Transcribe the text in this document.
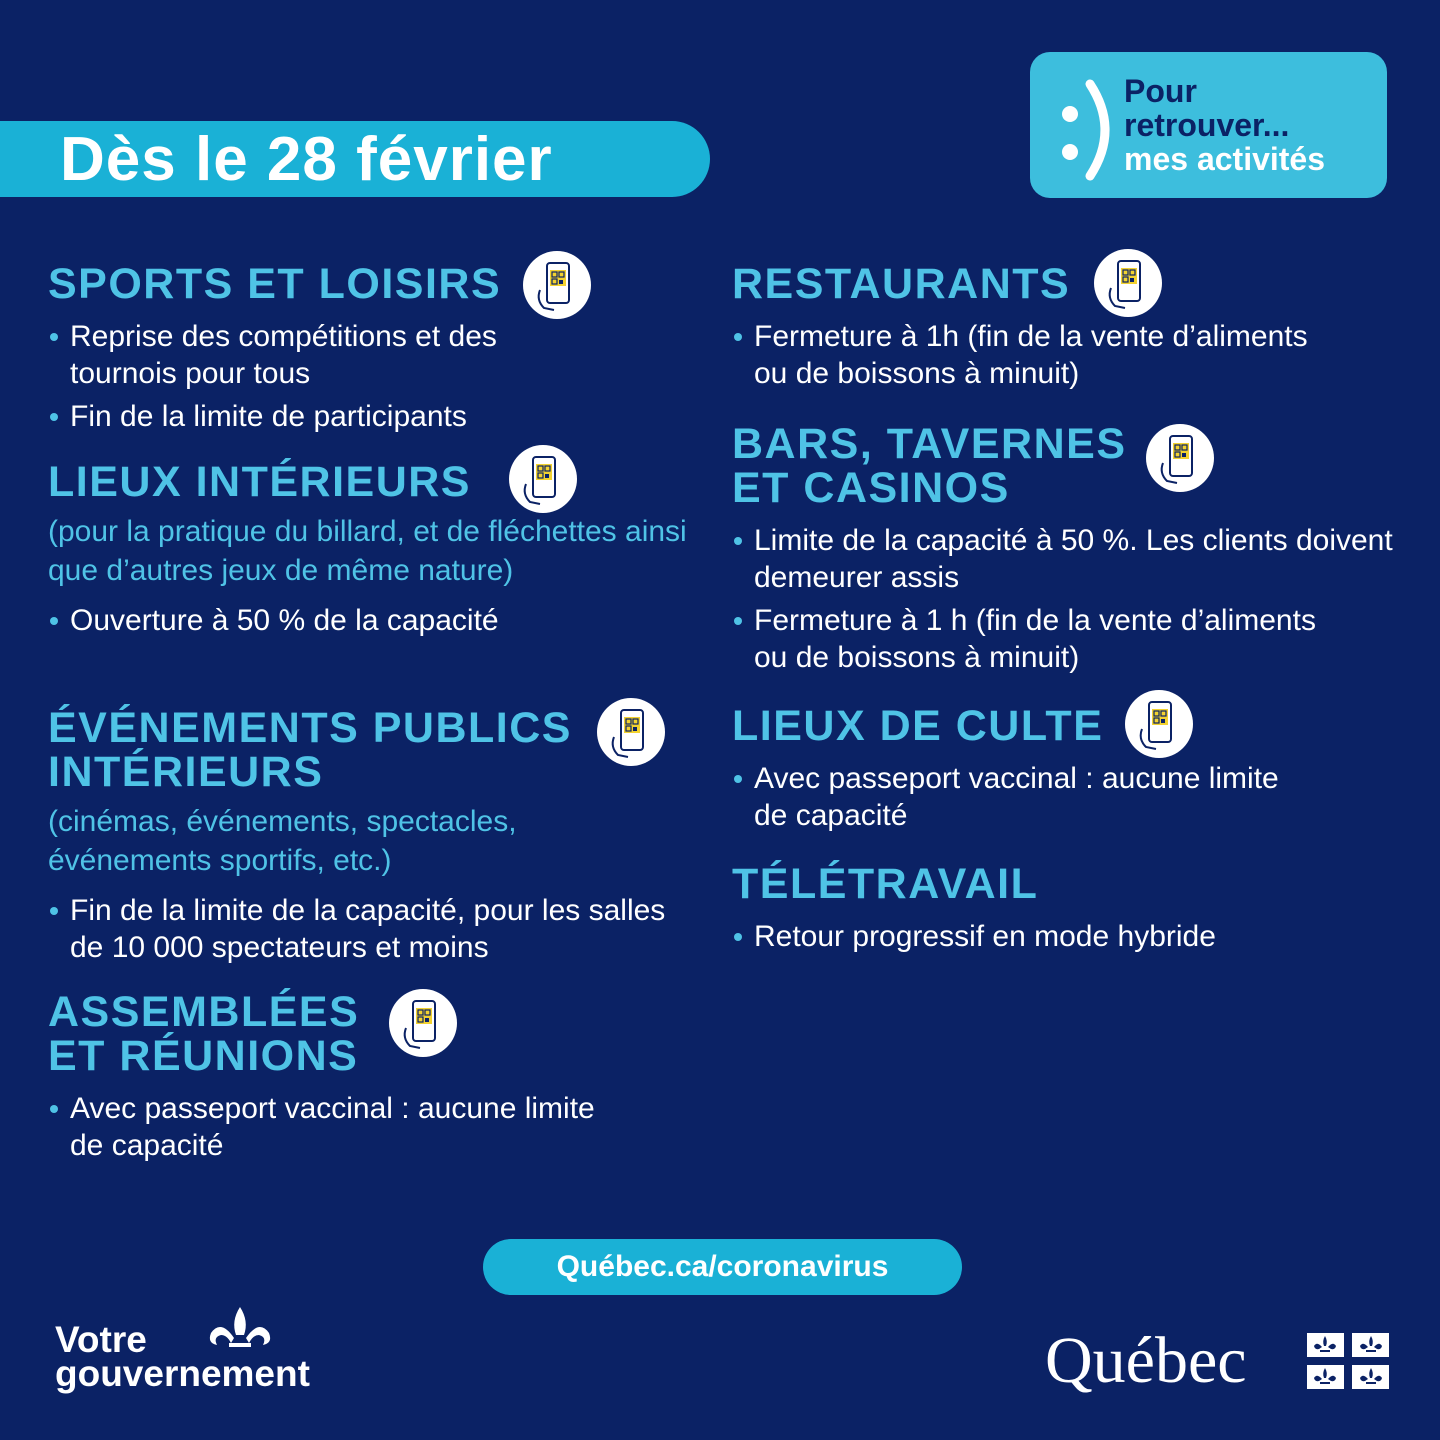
Dès le 28 février
Pour
retrouver...
mes activités
SPORTS ET LOISIRS
Reprise des compétitions et des tournois pour tous
Fin de la limite de participants
LIEUX INTÉRIEURS

(pour la pratique du billard, et de fléchettes ainsi que d’autres jeux de même nature)

Ouverture à 50 % de la capacité
ÉVÉNEMENTS PUBLICS
INTÉRIEURS

(cinémas, événements, spectacles, événements sportifs, etc.)

Fin de la limite de la capacité, pour les salles de 10 000 spectateurs et moins
ASSEMBLÉES
ET RÉUNIONS
Avec passeport vaccinal : aucune limite de capacité
RESTAURANTS
Fermeture à 1h (fin de la vente d’aliments ou de boissons à minuit)
BARS, TAVERNES
ET CASINOS
Limite de la capacité à 50 %. Les clients doivent demeurer assis
Fermeture à 1 h (fin de la vente d’aliments ou de boissons à minuit)
LIEUX DE CULTE
Avec passeport vaccinal : aucune limite de capacité
TÉLÉTRAVAIL
Retour progressif en mode hybride
Québec.ca/coronavirus
Votre
gouvernement	Québec
